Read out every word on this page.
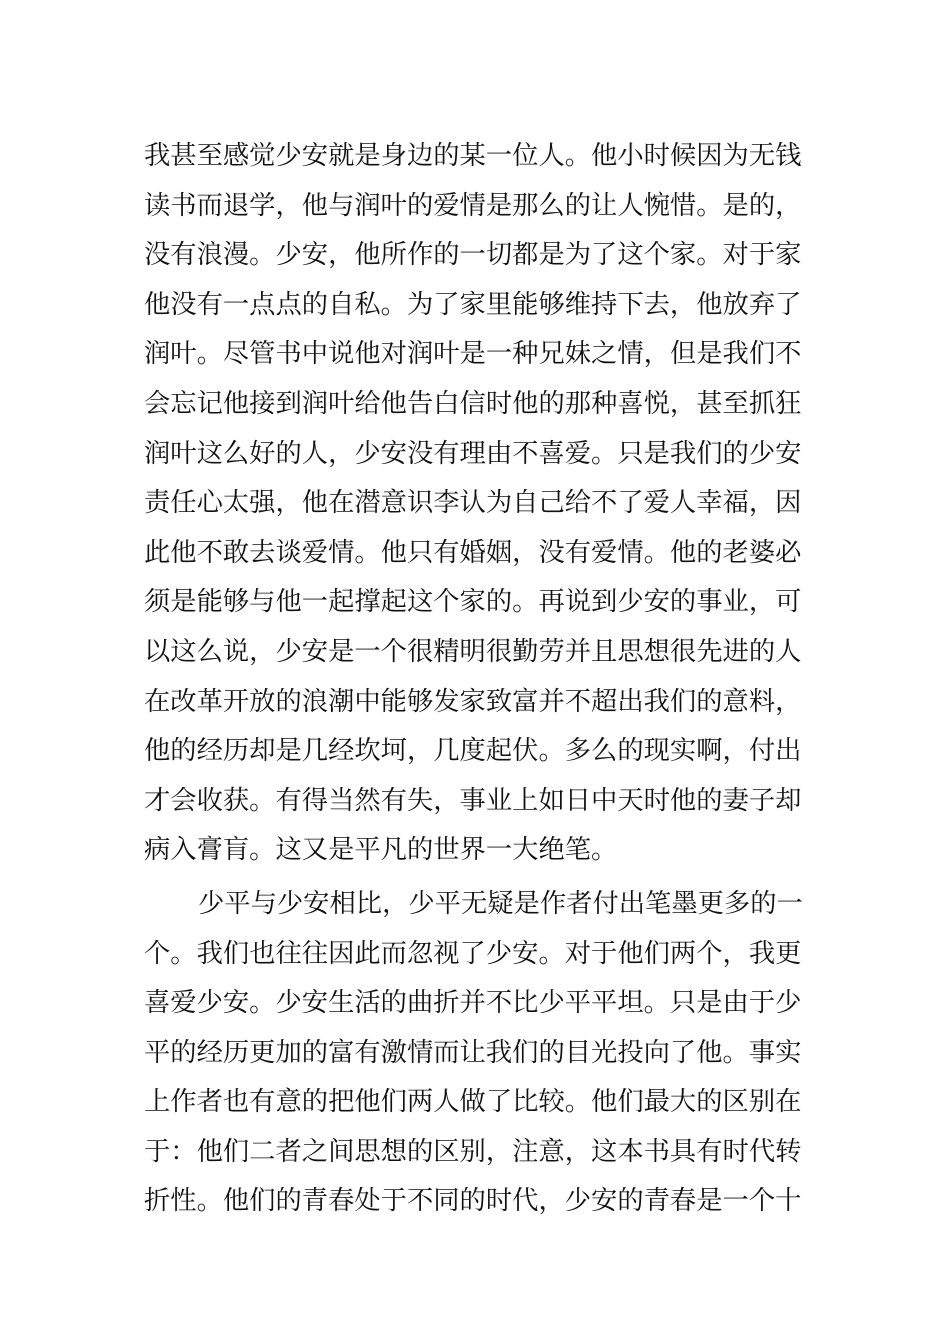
我甚至感觉少安就是身边的某一位人。他小时候因为无钱
读书而退学，他与润叶的爱情是那么的让人惋惜。是的，
没有浪漫。少安，他所作的一切都是为了这个家。对于家
他没有一点点的自私。为了家里能够维持下去，他放弃了
润叶。尽管书中说他对润叶是一种兄妹之情，但是我们不
会忘记他接到润叶给他告白信时他的那种喜悦，甚至抓狂
润叶这么好的人，少安没有理由不喜爱。只是我们的少安
责任心太强，他在潜意识李认为自己给不了爱人幸福，因
此他不敢去谈爱情。他只有婚姻，没有爱情。他的老婆必
须是能够与他一起撑起这个家的。再说到少安的事业，可
以这么说，少安是一个很精明很勤劳并且思想很先进的人
在改革开放的浪潮中能够发家致富并不超出我们的意料，
他的经历却是几经坎坷，几度起伏。多么的现实啊，付出
才会收获。有得当然有失，事业上如日中天时他的妻子却
病入膏肓。这又是平凡的世界一大绝笔。
少平与少安相比，少平无疑是作者付出笔墨更多的一
个。我们也往往因此而忽视了少安。对于他们两个，我更
喜爱少安。少安生活的曲折并不比少平平坦。只是由于少
平的经历更加的富有激情而让我们的目光投向了他。事实
上作者也有意的把他们两人做了比较。他们最大的区别在
于：他们二者之间思想的区别，注意，这本书具有时代转
折性。他们的青春处于不同的时代，少安的青春是一个十
